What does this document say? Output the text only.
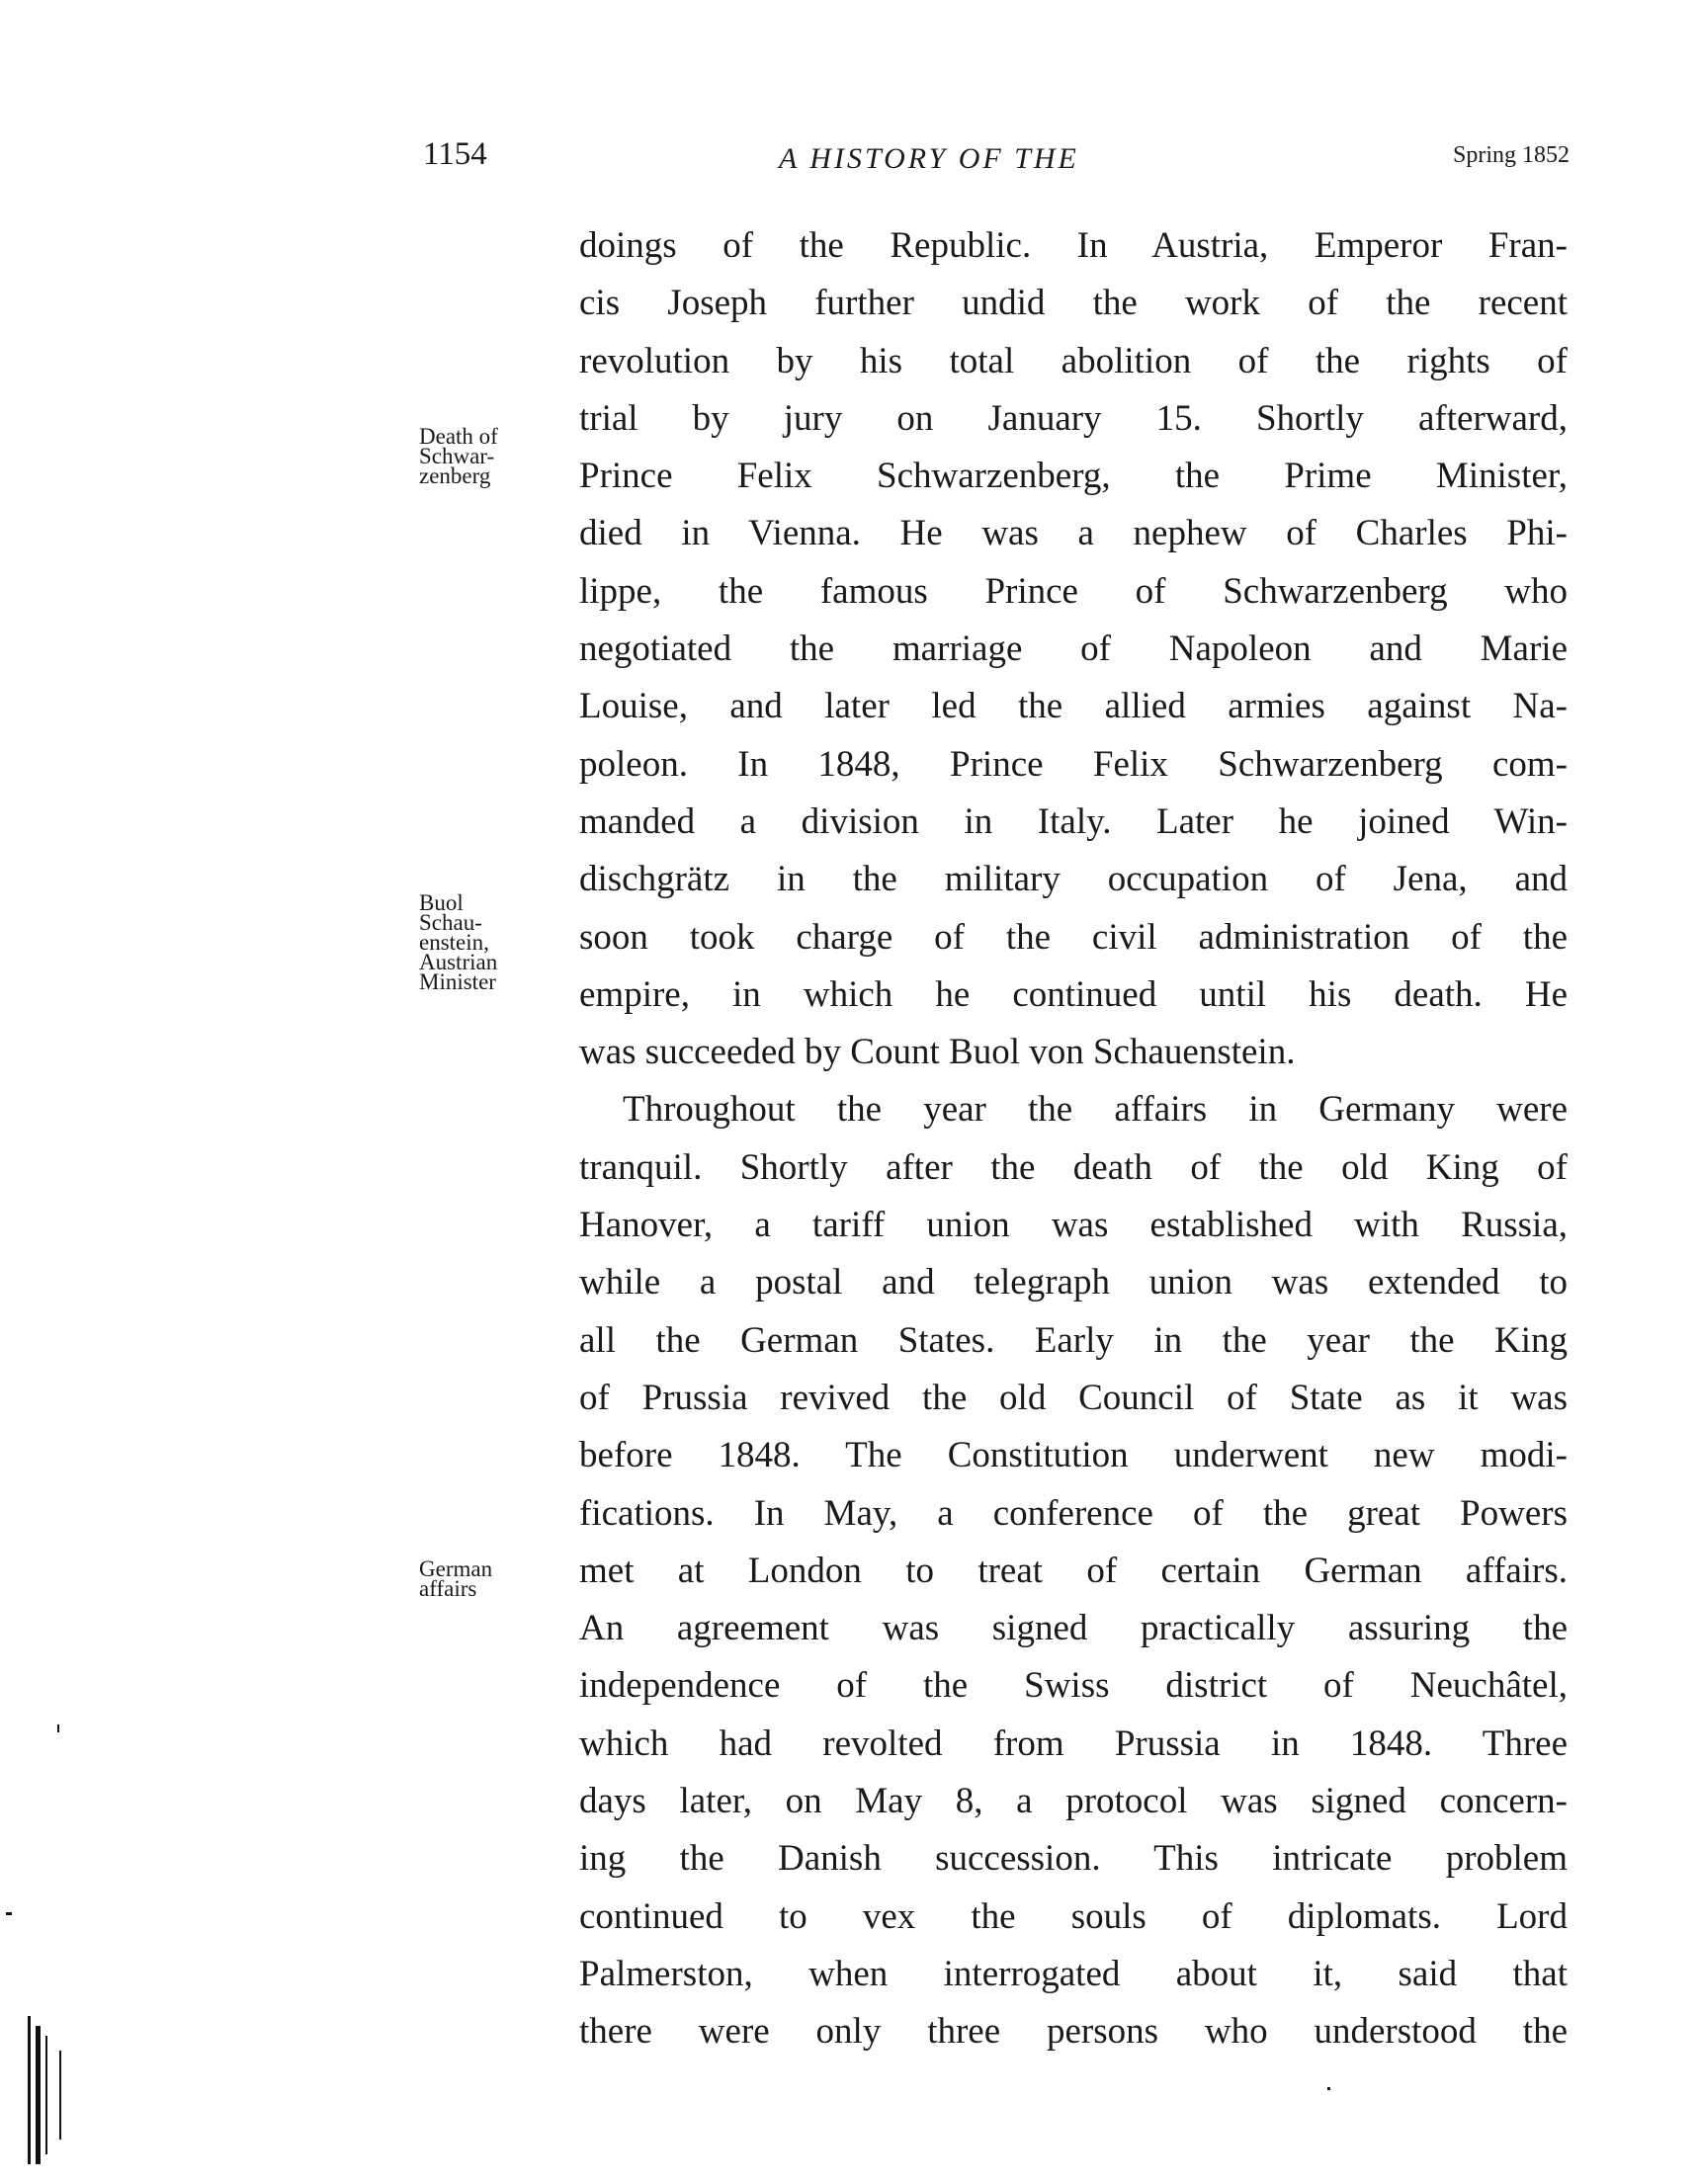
1154	A HISTORY OF THE	Spring 1852
Death of
Schwar-
zenberg
Buol
Schau-
enstein,
Austrian
Minister
German
affairs
doings of the Republic. In Austria, Emperor Fran-
cis Joseph further undid the work of the recent
revolution by his total abolition of the rights of
trial by jury on January 15. Shortly afterward,
Prince Felix Schwarzenberg, the Prime Minister,
died in Vienna. He was a nephew of Charles Phi-
lippe, the famous Prince of Schwarzenberg who
negotiated the marriage of Napoleon and Marie
Louise, and later led the allied armies against Na-
poleon. In 1848, Prince Felix Schwarzenberg com-
manded a division in Italy. Later he joined Win-
dischgrätz in the military occupation of Jena, and
soon took charge of the civil administration of the
empire, in which he continued until his death. He
was succeeded by Count Buol von Schauenstein.
Throughout the year the affairs in Germany were
tranquil. Shortly after the death of the old King of
Hanover, a tariff union was established with Russia,
while a postal and telegraph union was extended to
all the German States. Early in the year the King
of Prussia revived the old Council of State as it was
before 1848. The Constitution underwent new modi-
fications. In May, a conference of the great Powers
met at London to treat of certain German affairs.
An agreement was signed practically assuring the
independence of the Swiss district of Neuchâtel,
which had revolted from Prussia in 1848. Three
days later, on May 8, a protocol was signed concern-
ing the Danish succession. This intricate problem
continued to vex the souls of diplomats. Lord
Palmerston, when interrogated about it, said that
there were only three persons who understood the
